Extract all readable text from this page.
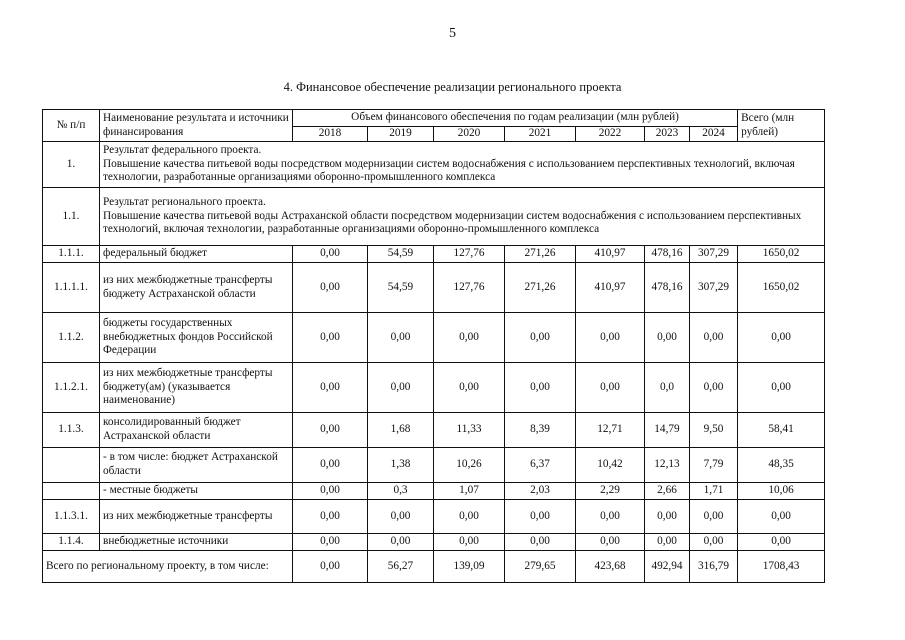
5
4. Финансовое обеспечение реализации регионального проекта
№ п/п	Наименование результата и источники финансирования	Объем финансового обеспечения по годам реализации (млн рублей)							Всего (млн рублей)
		2018	2019	2020	2021	2022	2023	2024	
1.	Результат федерального проекта.
Повышение качества питьевой воды посредством модернизации систем водоснабжения с использованием перспективных технологий, включая технологии, разработанные организациями оборонно-промышленного комплекса								
1.1.	Результат регионального проекта.
Повышение качества питьевой воды Астраханской области посредством модернизации систем водоснабжения с использованием перспективных технологий, включая технологии, разработанные организациями оборонно-промышленного комплекса								
1.1.1.	федеральный бюджет	0,00	54,59	127,76	271,26	410,97	478,16	307,29	1650,02
1.1.1.1.	из них межбюджетные трансферты бюджету Астраханской области	0,00	54,59	127,76	271,26	410,97	478,16	307,29	1650,02
1.1.2.	бюджеты государственных внебюджетных фондов Российской Федерации	0,00	0,00	0,00	0,00	0,00	0,00	0,00	0,00
1.1.2.1.	из них межбюджетные трансферты бюджету(ам) (указывается наименование)	0,00	0,00	0,00	0,00	0,00	0,0	0,00	0,00
1.1.3.	консолидированный бюджет Астраханской области	0,00	1,68	11,33	8,39	12,71	14,79	9,50	58,41
	- в том числе: бюджет Астраханской области	0,00	1,38	10,26	6,37	10,42	12,13	7,79	48,35
	- местные бюджеты	0,00	0,3	1,07	2,03	2,29	2,66	1,71	10,06
1.1.3.1.	из них межбюджетные трансферты	0,00	0,00	0,00	0,00	0,00	0,00	0,00	0,00
1.1.4.	внебюджетные источники	0,00	0,00	0,00	0,00	0,00	0,00	0,00	0,00
Всего по региональному проекту, в том числе:		0,00	56,27	139,09	279,65	423,68	492,94	316,79	1708,43
